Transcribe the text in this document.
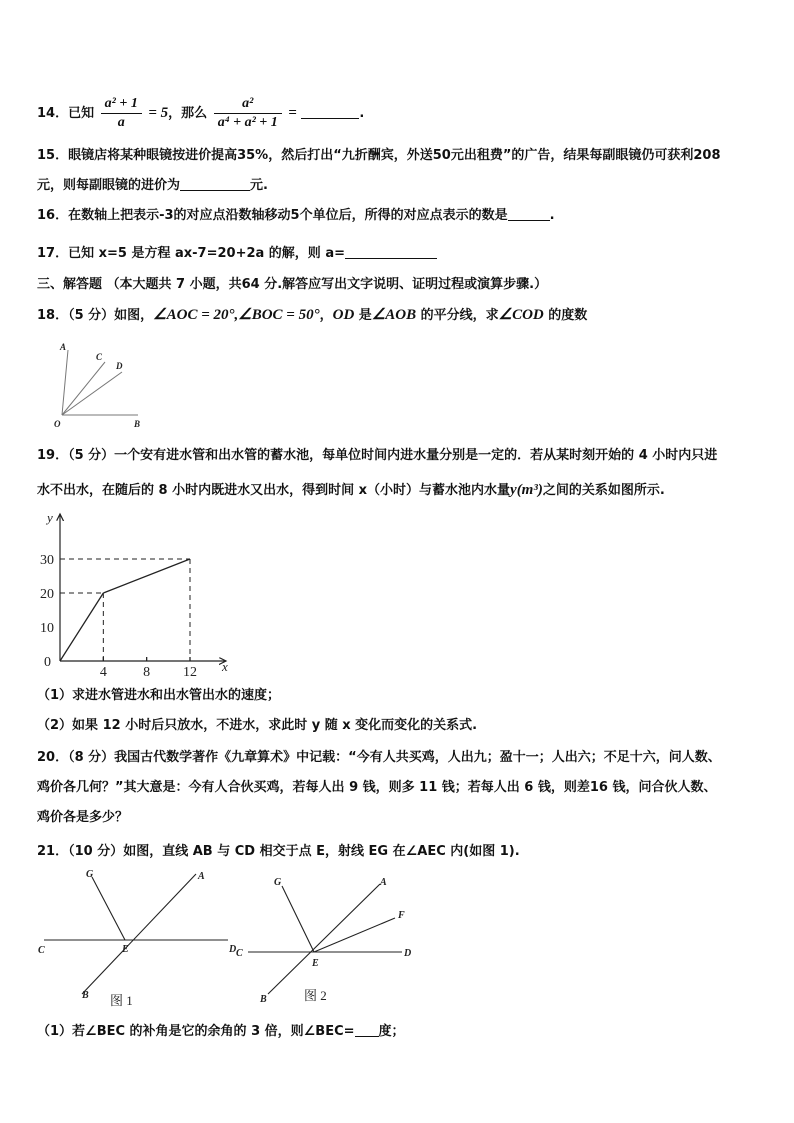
14．已知 $\frac{\text{a² + 1}}{a} = 5$，那么 $\frac{\text{a²}}{\text{a⁴ + a² + 1}}$ =	.
15．眼镜店将某种眼镜按进价提高35%，然后打出“九折酬宾，外送50元出租费”的广告，结果每副眼镜仍可获利208
元，则每副眼镜的进价为	元.
16．在数轴上把表示-3的对应点沿数轴移动5个单位后，所得的对应点表示的数是	.
17．已知 x=5 是方程 ax-7=20+2a 的解，则 a=
三、解答题 （本大题共 7 小题，共64 分.解答应写出文字说明、证明过程或演算步骤.）
18．（5 分）如图，∠AOC = 20°,∠BOC = 50°，OD 是∠AOB 的平分线，求∠COD 的度数
A
C
D
O	B
19．（5 分）一个安有进水管和出水管的蓄水池，每单位时间内进水量分别是一定的．若从某时刻开始的 4 小时内只进
水不出水，在随后的 8 小时内既进水又出水，得到时间 x（小时）与蓄水池内水量y(m³)之间的关系如图所示.
4	8 12
10
20
30
x
y
0
（1）求进水管进水和出水管出水的速度；
（2）如果 12 小时后只放水，不进水，求此时 y 随 x 变化而变化的关系式.
20．（8 分）我国古代数学著作《九章算术》中记载：“今有人共买鸡，人出九；盈十一；人出六；不足十六，问人数、
鸡价各几何？”其大意是：今有人合伙买鸡，若每人出 9 钱，则多 11 钱；若每人出 6 钱，则差16 钱，问合伙人数、
鸡价各是多少？
21．（10 分）如图，直线 AB 与 CD 相交于点 E，射线 EG 在∠AEC 内(如图 1).
G	A
C	E	D
B 图 1
G	A
F
C
E
D
B	图 2
（1）若∠BEC 的补角是它的余角的 3 倍，则∠BEC= 度；
